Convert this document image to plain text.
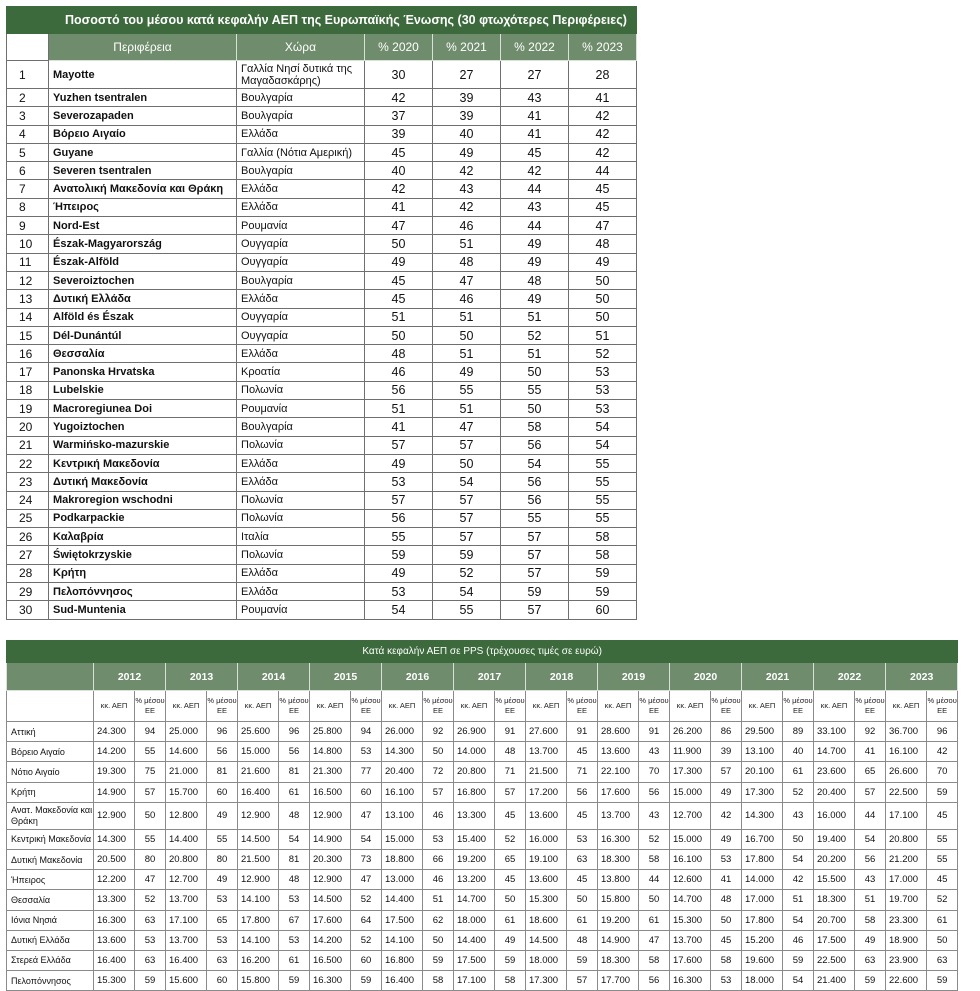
Ποσοστό του μέσου κατά κεφαλήν ΑΕΠ της Ευρωπαϊκής Ένωσης (30 φτωχότερες Περιφέρειες)						
	Περιφέρεια	Χώρα	% 2020	% 2021	% 2022	% 2023
1	Mayotte	Γαλλία Νησί δυτικά της Μαγαδασκάρης)	30	27	27	28
2	Yuzhen tsentralen	Βουλγαρία	42	39	43	41
3	Severozapaden	Βουλγαρία	37	39	41	42
4	Βόρειο Αιγαίο	Ελλάδα	39	40	41	42
5	Guyane	Γαλλία (Νότια Αμερική)	45	49	45	42
6	Severen tsentralen	Βουλγαρία	40	42	42	44
7	Ανατολική Μακεδονία και Θράκη	Ελλάδα	42	43	44	45
8	Ήπειρος	Ελλάδα	41	42	43	45
9	Nord-Est	Ρουμανία	47	46	44	47
10	Észak-Magyarország	Ουγγαρία	50	51	49	48
11	Észak-Alföld	Ουγγαρία	49	48	49	49
12	Severoiztochen	Βουλγαρία	45	47	48	50
13	Δυτική Ελλάδα	Ελλάδα	45	46	49	50
14	Alföld és Észak	Ουγγαρία	51	51	51	50
15	Dél-Dunántúl	Ουγγαρία	50	50	52	51
16	Θεσσαλία	Ελλάδα	48	51	51	52
17	Panonska Hrvatska	Κροατία	46	49	50	53
18	Lubelskie	Πολωνία	56	55	55	53
19	Macroregiunea Doi	Ρουμανία	51	51	50	53
20	Yugoiztochen	Βουλγαρία	41	47	58	54
21	Warmińsko-mazurskie	Πολωνία	57	57	56	54
22	Κεντρική Μακεδονία	Ελλάδα	49	50	54	55
23	Δυτική Μακεδονία	Ελλάδα	53	54	56	55
24	Makroregion wschodni	Πολωνία	57	57	56	55
25	Podkarpackie	Πολωνία	56	57	55	55
26	Καλαβρία	Ιταλία	55	57	57	58
27	Świętokrzyskie	Πολωνία	59	59	57	58
28	Κρήτη	Ελλάδα	49	52	57	59
29	Πελοπόννησος	Ελλάδα	53	54	59	59
30	Sud-Muntenia	Ρουμανία	54	55	57	60
Κατά κεφαλήν ΑΕΠ σε PPS (τρέχουσες τιμές σε ευρώ)																								
	2012		2013		2014		2015		2016		2017		2018		2019		2020		2021		2022		2023	
	κκ. ΑΕΠ	% μέσου ΕΕ	κκ. ΑΕΠ	% μέσου ΕΕ	κκ. ΑΕΠ	% μέσου ΕΕ	κκ. ΑΕΠ	% μέσου ΕΕ	κκ. ΑΕΠ	% μέσου ΕΕ	κκ. ΑΕΠ	% μέσου ΕΕ	κκ. ΑΕΠ	% μέσου ΕΕ	κκ. ΑΕΠ	% μέσου ΕΕ	κκ. ΑΕΠ	% μέσου ΕΕ	κκ. ΑΕΠ	% μέσου ΕΕ	κκ. ΑΕΠ	% μέσου ΕΕ	κκ. ΑΕΠ	% μέσου ΕΕ
Αττική	24.300	94	25.000	96	25.600	96	25.800	94	26.000	92	26.900	91	27.600	91	28.600	91	26.200	86	29.500	89	33.100	92	36.700	96
Βόρειο Αιγαίο	14.200	55	14.600	56	15.000	56	14.800	53	14.300	50	14.000	48	13.700	45	13.600	43	11.900	39	13.100	40	14.700	41	16.100	42
Νότιο Αιγαίο	19.300	75	21.000	81	21.600	81	21.300	77	20.400	72	20.800	71	21.500	71	22.100	70	17.300	57	20.100	61	23.600	65	26.600	70
Κρήτη	14.900	57	15.700	60	16.400	61	16.500	60	16.100	57	16.800	57	17.200	56	17.600	56	15.000	49	17.300	52	20.400	57	22.500	59
Ανατ. Μακεδονία και Θράκη	12.900	50	12.800	49	12.900	48	12.900	47	13.100	46	13.300	45	13.600	45	13.700	43	12.700	42	14.300	43	16.000	44	17.100	45
Κεντρική Μακεδονία	14.300	55	14.400	55	14.500	54	14.900	54	15.000	53	15.400	52	16.000	53	16.300	52	15.000	49	16.700	50	19.400	54	20.800	55
Δυτική Μακεδονία	20.500	80	20.800	80	21.500	81	20.300	73	18.800	66	19.200	65	19.100	63	18.300	58	16.100	53	17.800	54	20.200	56	21.200	55
Ήπειρος	12.200	47	12.700	49	12.900	48	12.900	47	13.000	46	13.200	45	13.600	45	13.800	44	12.600	41	14.000	42	15.500	43	17.000	45
Θεσσαλία	13.300	52	13.700	53	14.100	53	14.500	52	14.400	51	14.700	50	15.300	50	15.800	50	14.700	48	17.000	51	18.300	51	19.700	52
Ιόνια Νησιά	16.300	63	17.100	65	17.800	67	17.600	64	17.500	62	18.000	61	18.600	61	19.200	61	15.300	50	17.800	54	20.700	58	23.300	61
Δυτική Ελλάδα	13.600	53	13.700	53	14.100	53	14.200	52	14.100	50	14.400	49	14.500	48	14.900	47	13.700	45	15.200	46	17.500	49	18.900	50
Στερεά Ελλάδα	16.400	63	16.400	63	16.200	61	16.500	60	16.800	59	17.500	59	18.000	59	18.300	58	17.600	58	19.600	59	22.500	63	23.900	63
Πελοπόννησος	15.300	59	15.600	60	15.800	59	16.300	59	16.400	58	17.100	58	17.300	57	17.700	56	16.300	53	18.000	54	21.400	59	22.600	59
